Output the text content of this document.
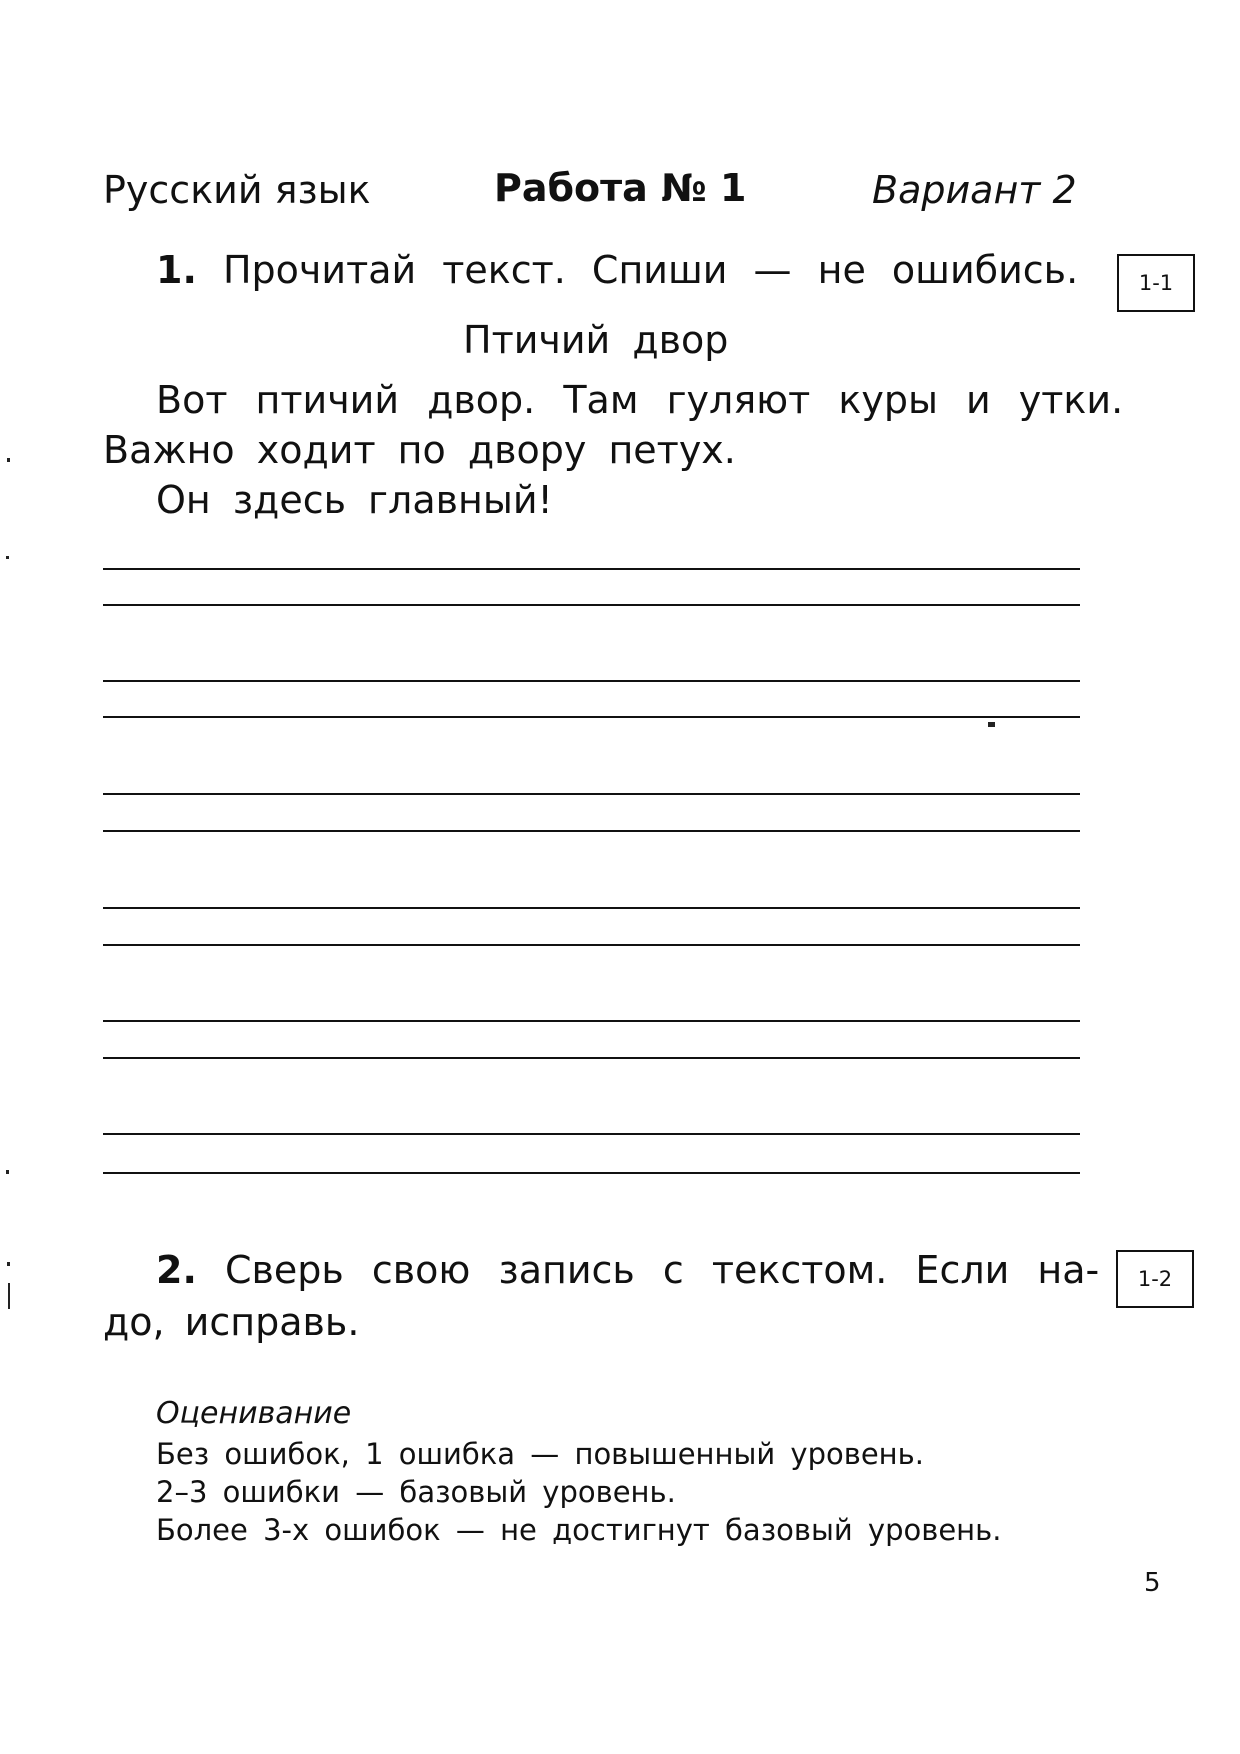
Русский язык	Работа № 1	Вариант 2
1. Прочитай текст. Спиши — не ошибись.	1-1
Птичий двор
Вот птичий двор. Там гуляют куры и утки.
Важно ходит по двору петух.
Он здесь главный!
2. Сверь свою запись с текстом. Если на-
до, исправь.
1-2
Оценивание
Без ошибок, 1 ошибка — повышенный уровень.
2–3 ошибки — базовый уровень.
Более 3-х ошибок — не достигнут базовый уровень.
5
